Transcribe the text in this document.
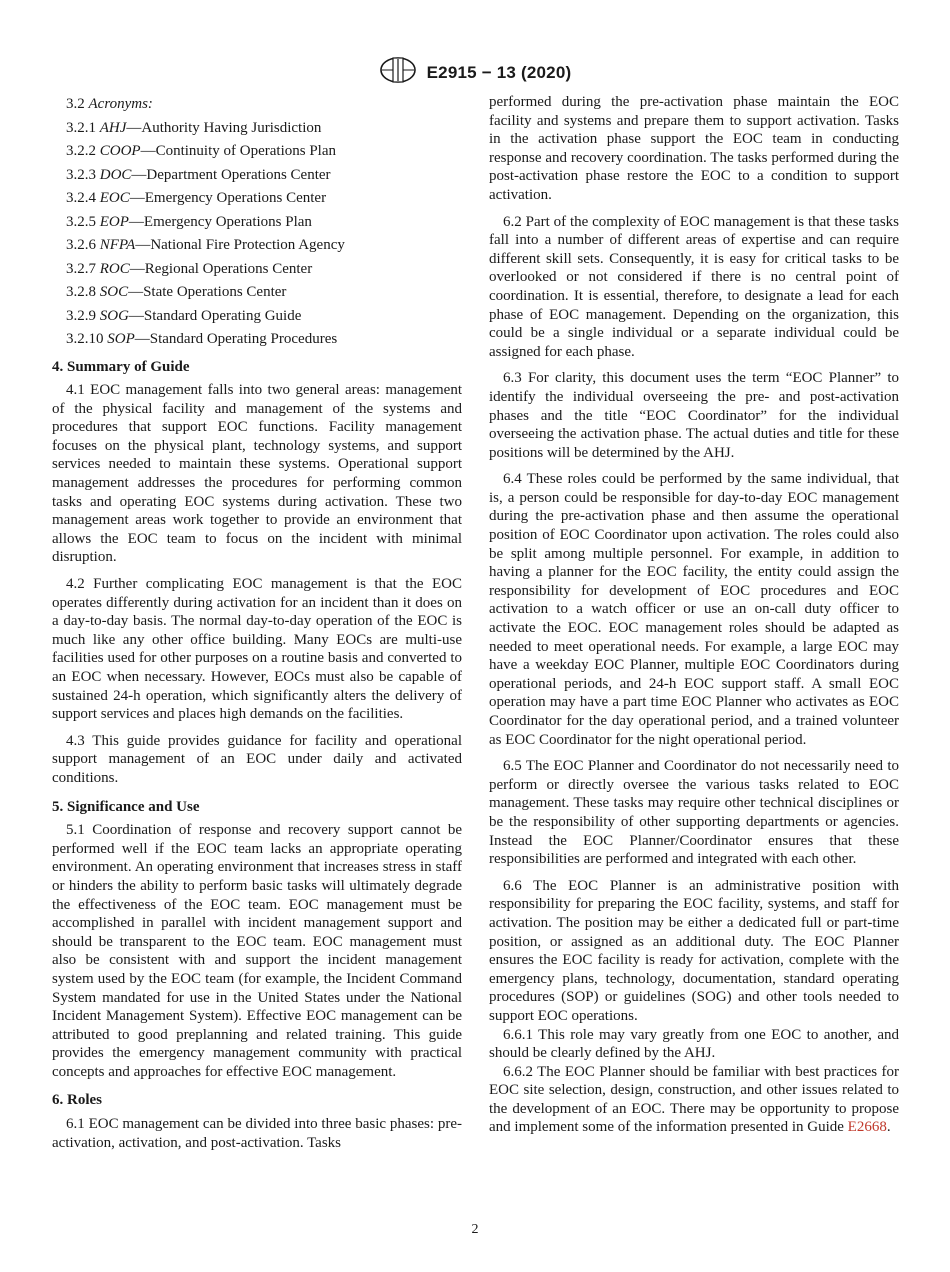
E2915 − 13 (2020)

3.2 Acronyms:

3.2.1 AHJ—Authority Having Jurisdiction

3.2.2 COOP—Continuity of Operations Plan

3.2.3 DOC—Department Operations Center

3.2.4 EOC—Emergency Operations Center

3.2.5 EOP—Emergency Operations Plan

3.2.6 NFPA—National Fire Protection Agency

3.2.7 ROC—Regional Operations Center

3.2.8 SOC—State Operations Center

3.2.9 SOG—Standard Operating Guide

3.2.10 SOP—Standard Operating Procedures

4. Summary of Guide

4.1 EOC management falls into two general areas: management of the physical facility and management of the systems and procedures that support EOC functions. Facility management focuses on the physical plant, technology systems, and support services needed to maintain these systems. Operational support management addresses the procedures for performing common tasks and operating EOC systems during activation. These two management areas work together to provide an environment that allows the EOC team to focus on the incident with minimal disruption.

4.2 Further complicating EOC management is that the EOC operates differently during activation for an incident than it does on a day-to-day basis. The normal day-to-day operation of the EOC is much like any other office building. Many EOCs are multi-use facilities used for other purposes on a routine basis and converted to an EOC when necessary. However, EOCs must also be capable of sustained 24-h operation, which significantly alters the delivery of support services and places high demands on the facilities.

4.3 This guide provides guidance for facility and operational support management of an EOC under daily and activated conditions.

5. Significance and Use

5.1 Coordination of response and recovery support cannot be performed well if the EOC team lacks an appropriate operating environment. An operating environment that increases stress in staff or hinders the ability to perform basic tasks will ultimately degrade the effectiveness of the EOC team. EOC management must be accomplished in parallel with incident management support and should be transparent to the EOC team. EOC management must also be consistent with and support the incident management system used by the EOC team (for example, the Incident Command System mandated for use in the United States under the National Incident Management System). Effective EOC management can be attributed to good preplanning and related training. This guide provides the emergency management community with practical concepts and approaches for effective EOC management.

6. Roles

6.1 EOC management can be divided into three basic phases: pre-activation, activation, and post-activation. Tasks

performed during the pre-activation phase maintain the EOC facility and systems and prepare them to support activation. Tasks in the activation phase support the EOC team in conducting response and recovery coordination. The tasks performed during the post-activation phase restore the EOC to a condition to support activation.

6.2 Part of the complexity of EOC management is that these tasks fall into a number of different areas of expertise and can require different skill sets. Consequently, it is easy for critical tasks to be overlooked or not considered if there is no central point of coordination. It is essential, therefore, to designate a lead for each phase of EOC management. Depending on the organization, this could be a single individual or a separate individual could be assigned for each phase.

6.3 For clarity, this document uses the term “EOC Planner” to identify the individual overseeing the pre- and post-activation phases and the title “EOC Coordinator” for the individual overseeing the activation phase. The actual duties and title for these positions will be determined by the AHJ.

6.4 These roles could be performed by the same individual, that is, a person could be responsible for day-to-day EOC management during the pre-activation phase and then assume the operational position of EOC Coordinator upon activation. The roles could also be split among multiple personnel. For example, in addition to having a planner for the EOC facility, the entity could assign the responsibility for development of EOC procedures and EOC activation to a watch officer or use an on-call duty officer to activate the EOC. EOC management roles should be adapted as needed to meet operational needs. For example, a large EOC may have a weekday EOC Planner, multiple EOC Coordinators during operational periods, and 24-h EOC support staff. A small EOC operation may have a part time EOC Planner who activates as EOC Coordinator for the day operational period, and a trained volunteer as EOC Coordinator for the night operational period.

6.5 The EOC Planner and Coordinator do not necessarily need to perform or directly oversee the various tasks related to EOC management. These tasks may require other technical disciplines or be the responsibility of other supporting departments or agencies. Instead the EOC Planner/Coordinator ensures that these responsibilities are performed and integrated with each other.

6.6 The EOC Planner is an administrative position with responsibility for preparing the EOC facility, systems, and staff for activation. The position may be either a dedicated full or part-time position, or assigned as an additional duty. The EOC Planner ensures the EOC facility is ready for activation, complete with the emergency plans, technology, documentation, standard operating procedures (SOP) or guidelines (SOG) and other tools needed to support EOC operations.

6.6.1 This role may vary greatly from one EOC to another, and should be clearly defined by the AHJ.

6.6.2 The EOC Planner should be familiar with best practices for EOC site selection, design, construction, and other issues related to the development of an EOC. There may be opportunity to propose and implement some of the information presented in Guide E2668.

2
